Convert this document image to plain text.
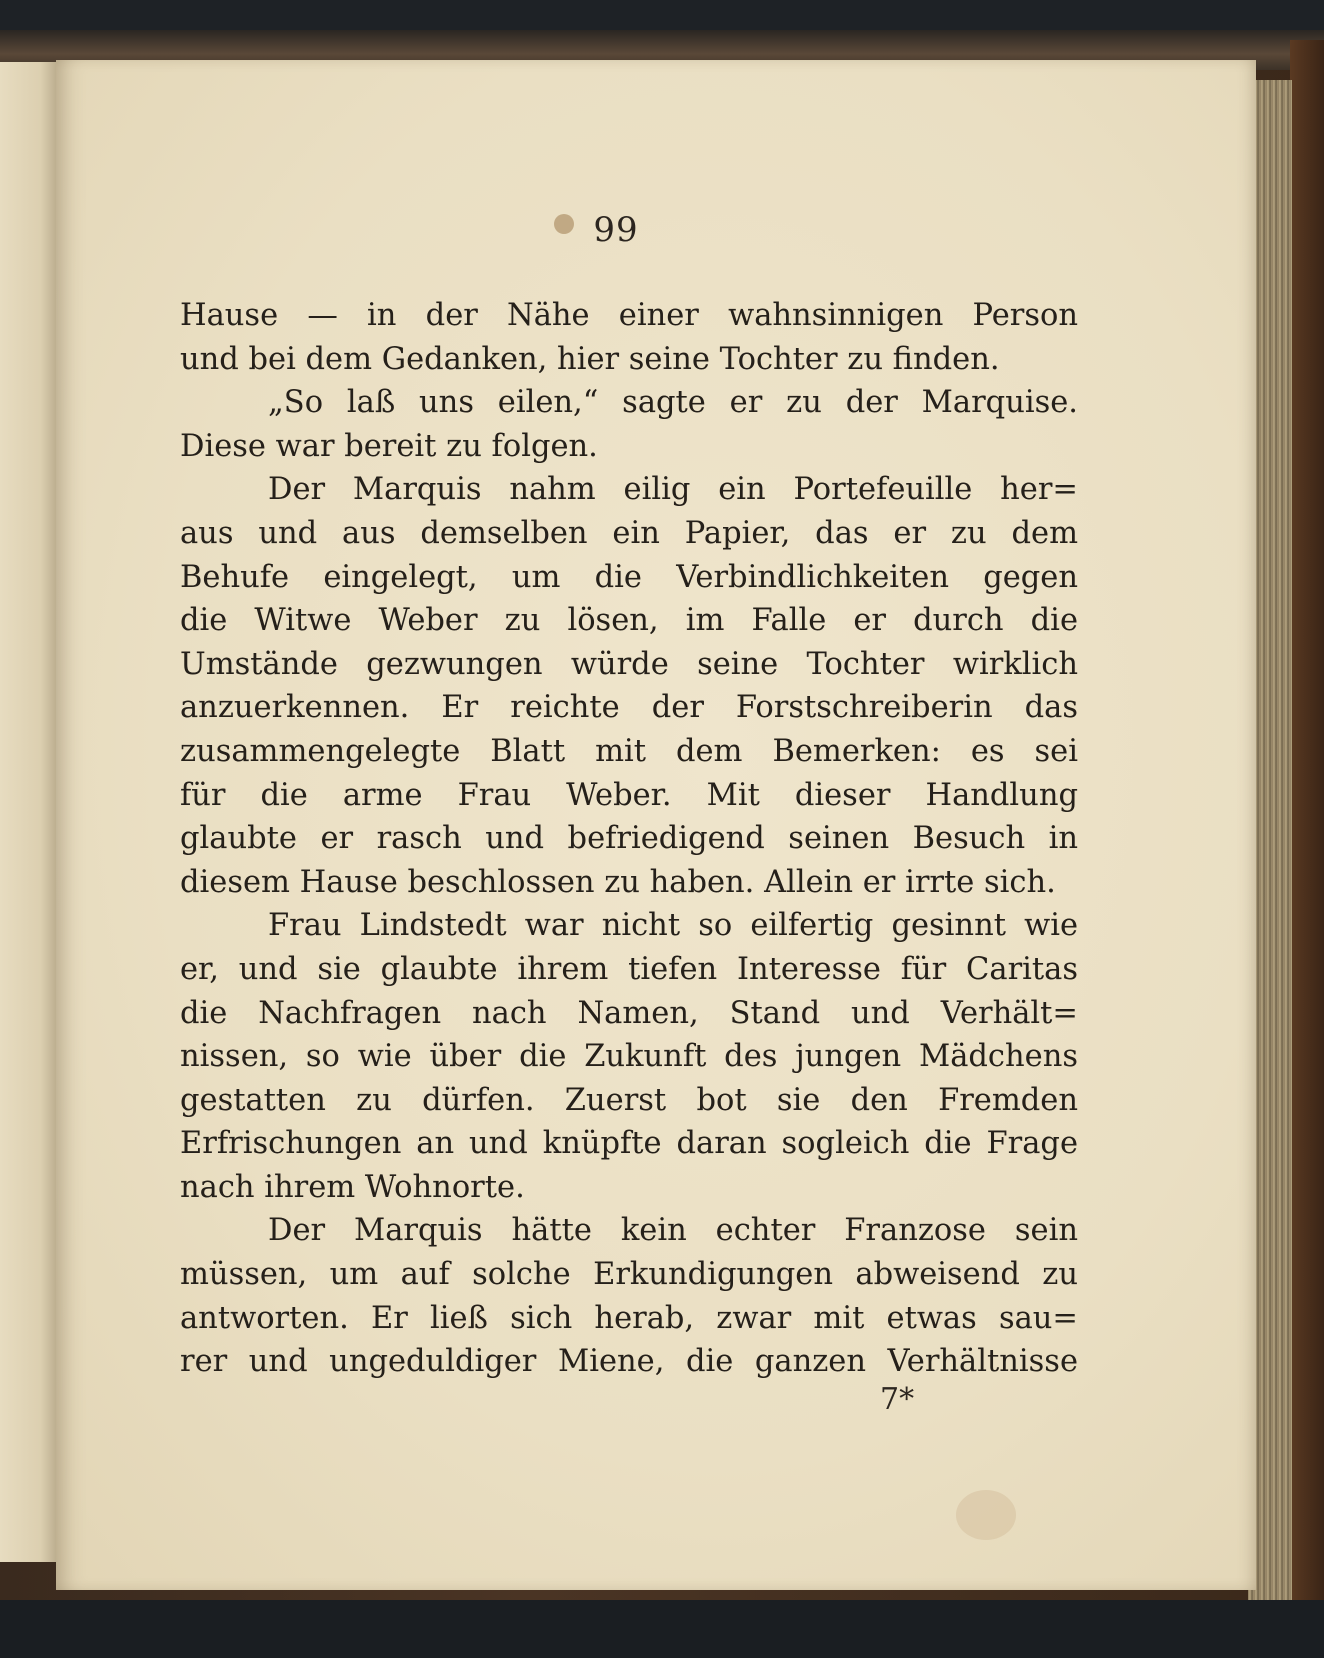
99
Hause — in der Nähe einer wahnsinnigen Person
und bei dem Gedanken, hier seine Tochter zu finden.
„So laß uns eilen,“ sagte er zu der Marquise.
Diese war bereit zu folgen.
Der Marquis nahm eilig ein Portefeuille her=
aus und aus demselben ein Papier, das er zu dem
Behufe eingelegt, um die Verbindlichkeiten gegen
die Witwe Weber zu lösen, im Falle er durch die
Umstände gezwungen würde seine Tochter wirklich
anzuerkennen. Er reichte der Forstschreiberin das
zusammengelegte Blatt mit dem Bemerken: es sei
für die arme Frau Weber. Mit dieser Handlung
glaubte er rasch und befriedigend seinen Besuch in
diesem Hause beschlossen zu haben. Allein er irrte sich.
Frau Lindstedt war nicht so eilfertig gesinnt wie
er, und sie glaubte ihrem tiefen Interesse für Caritas
die Nachfragen nach Namen, Stand und Verhält=
nissen, so wie über die Zukunft des jungen Mädchens
gestatten zu dürfen. Zuerst bot sie den Fremden
Erfrischungen an und knüpfte daran sogleich die Frage
nach ihrem Wohnorte.
Der Marquis hätte kein echter Franzose sein
müssen, um auf solche Erkundigungen abweisend zu
antworten. Er ließ sich herab, zwar mit etwas sau=
rer und ungeduldiger Miene, die ganzen Verhältnisse
7*
